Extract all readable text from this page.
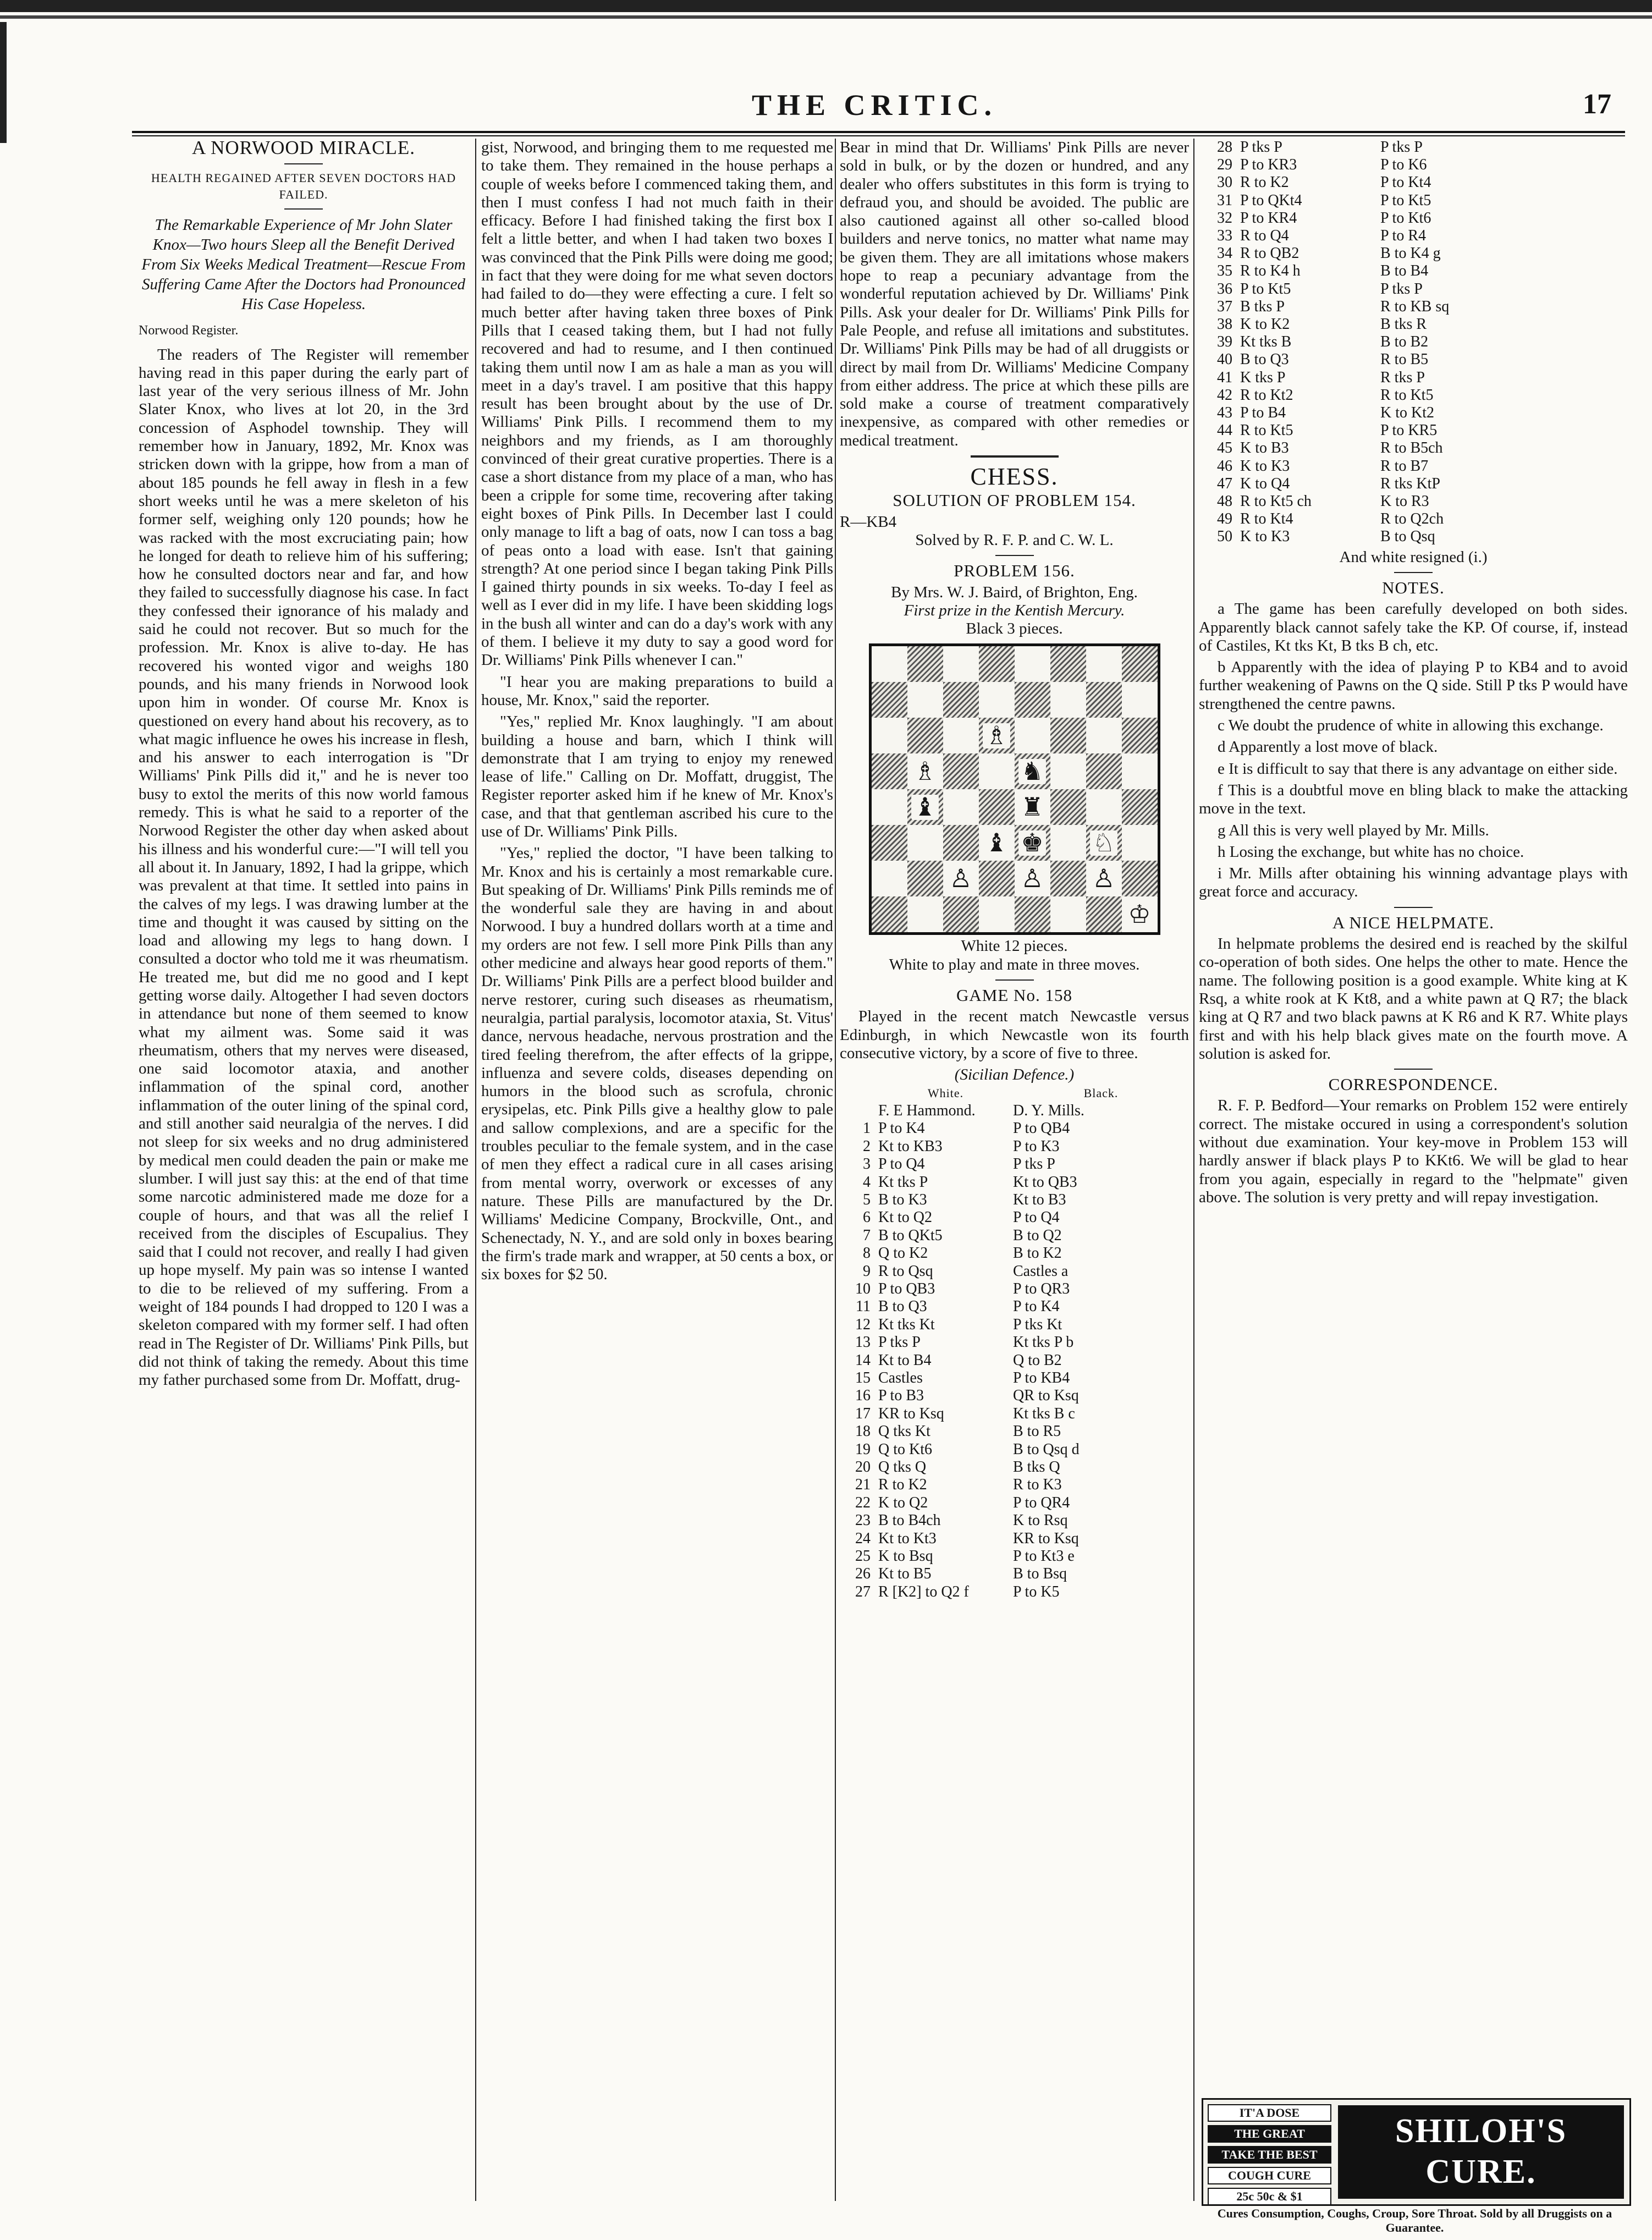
THE CRITIC.	17
A NORWOOD MIRACLE.
HEALTH REGAINED AFTER SEVEN DOCTORS HAD FAILED.
The Remarkable Experience of Mr John Slater Knox—Two hours Sleep all the Benefit Derived From Six Weeks Medical Treatment—Rescue From Suffering Came After the Doctors had Pronounced His Case Hopeless.
Norwood Register.

The readers of The Register will remember having read in this paper during the early part of last year of the very serious illness of Mr. John Slater Knox, who lives at lot 20, in the 3rd concession of Asphodel township. They will remember how in January, 1892, Mr. Knox was stricken down with la grippe, how from a man of about 185 pounds he fell away in flesh in a few short weeks until he was a mere skeleton of his former self, weighing only 120 pounds; how he was racked with the most excruciating pain; how he longed for death to relieve him of his suffering; how he consulted doctors near and far, and how they failed to successfully diagnose his case. In fact they confessed their ignorance of his malady and said he could not recover. But so much for the profession. Mr. Knox is alive to-day. He has recovered his wonted vigor and weighs 180 pounds, and his many friends in Norwood look upon him in wonder. Of course Mr. Knox is questioned on every hand about his recovery, as to what magic influence he owes his increase in flesh, and his answer to each interrogation is "Dr Williams' Pink Pills did it," and he is never too busy to extol the merits of this now world famous remedy. This is what he said to a reporter of the Norwood Register the other day when asked about his illness and his wonderful cure:—"I will tell you all about it. In January, 1892, I had la grippe, which was prevalent at that time. It settled into pains in the calves of my legs. I was drawing lumber at the time and thought it was caused by sitting on the load and allowing my legs to hang down. I consulted a doctor who told me it was rheumatism. He treated me, but did me no good and I kept getting worse daily. Altogether I had seven doctors in attendance but none of them seemed to know what my ailment was. Some said it was rheumatism, others that my nerves were diseased, one said locomotor ataxia, and another inflammation of the spinal cord, another inflammation of the outer lining of the spinal cord, and still another said neuralgia of the nerves. I did not sleep for six weeks and no drug administered by medical men could deaden the pain or make me slumber. I will just say this: at the end of that time some narcotic administered made me doze for a couple of hours, and that was all the relief I received from the disciples of Escupalius. They said that I could not recover, and really I had given up hope myself. My pain was so intense I wanted to die to be relieved of my suffering. From a weight of 184 pounds I had dropped to 120 I was a skeleton compared with my former self. I had often read in The Register of Dr. Williams' Pink Pills, but did not think of taking the remedy. About this time my father purchased some from Dr. Moffatt, drug-

gist, Norwood, and bringing them to me requested me to take them. They remained in the house perhaps a couple of weeks before I commenced taking them, and then I must confess I had not much faith in their efficacy. Before I had finished taking the first box I felt a little better, and when I had taken two boxes I was convinced that the Pink Pills were doing me good; in fact that they were doing for me what seven doctors had failed to do—they were effecting a cure. I felt so much better after having taken three boxes of Pink Pills that I ceased taking them, but I had not fully recovered and had to resume, and I then continued taking them until now I am as hale a man as you will meet in a day's travel. I am positive that this happy result has been brought about by the use of Dr. Williams' Pink Pills. I recommend them to my neighbors and my friends, as I am thoroughly convinced of their great curative properties. There is a case a short distance from my place of a man, who has been a cripple for some time, recovering after taking eight boxes of Pink Pills. In December last I could only manage to lift a bag of oats, now I can toss a bag of peas onto a load with ease. Isn't that gaining strength? At one period since I began taking Pink Pills I gained thirty pounds in six weeks. To-day I feel as well as I ever did in my life. I have been skidding logs in the bush all winter and can do a day's work with any of them. I believe it my duty to say a good word for Dr. Williams' Pink Pills whenever I can."

"I hear you are making preparations to build a house, Mr. Knox," said the reporter.

"Yes," replied Mr. Knox laughingly. "I am about building a house and barn, which I think will demonstrate that I am trying to enjoy my renewed lease of life." Calling on Dr. Moffatt, druggist, The Register reporter asked him if he knew of Mr. Knox's case, and that that gentleman ascribed his cure to the use of Dr. Williams' Pink Pills.

"Yes," replied the doctor, "I have been talking to Mr. Knox and his is certainly a most remarkable cure. But speaking of Dr. Williams' Pink Pills reminds me of the wonderful sale they are having in and about Norwood. I buy a hundred dollars worth at a time and my orders are not few. I sell more Pink Pills than any other medicine and always hear good reports of them." Dr. Williams' Pink Pills are a perfect blood builder and nerve restorer, curing such diseases as rheumatism, neuralgia, partial paralysis, locomotor ataxia, St. Vitus' dance, nervous headache, nervous prostration and the tired feeling therefrom, the after effects of la grippe, influenza and severe colds, diseases depending on humors in the blood such as scrofula, chronic erysipelas, etc. Pink Pills give a healthy glow to pale and sallow complexions, and are a specific for the troubles peculiar to the female system, and in the case of men they effect a radical cure in all cases arising from mental worry, overwork or excesses of any nature. These Pills are manufactured by the Dr. Williams' Medicine Company, Brockville, Ont., and Schenectady, N. Y., and are sold only in boxes bearing the firm's trade mark and wrapper, at 50 cents a box, or six boxes for $2 50.

Bear in mind that Dr. Williams' Pink Pills are never sold in bulk, or by the dozen or hundred, and any dealer who offers substitutes in this form is trying to defraud you, and should be avoided. The public are also cautioned against all other so-called blood builders and nerve tonics, no matter what name may be given them. They are all imitations whose makers hope to reap a pecuniary advantage from the wonderful reputation achieved by Dr. Williams' Pink Pills. Ask your dealer for Dr. Williams' Pink Pills for Pale People, and refuse all imitations and substitutes. Dr. Williams' Pink Pills may be had of all druggists or direct by mail from Dr. Williams' Medicine Company from either address. The price at which these pills are sold make a course of treatment comparatively inexpensive, as compared with other remedies or medical treatment.

CHESS.
SOLUTION OF PROBLEM 154.
R—KB4
Solved by R. F. P. and C. W. L.
PROBLEM 156.
By Mrs. W. J. Baird, of Brighton, Eng.
First prize in the Kentish Mercury.
Black 3 pieces.
♗
♗	♞
♝	♜
♝ ♚ ♘
♙ ♙ ♙
♔
White 12 pieces.
White to play and mate in three moves.
GAME No. 158

Played in the recent match Newcastle versus Edinburgh, in which Newcastle won its fourth consecutive victory, by a score of five to three.

(Sicilian Defence.)
White.	Black.
F. E Hammond.	D. Y. Mills.
1 P to K4	P to QB4
2 Kt to KB3	P to K3
3 P to Q4	P tks P
4 Kt tks P	Kt to QB3
5 B to K3	Kt to B3
6 Kt to Q2	P to Q4
7 B to QKt5	B to Q2
8 Q to K2	B to K2
9 R to Qsq	Castles a
10 P to QB3	P to QR3
11 B to Q3	P to K4
12 Kt tks Kt	P tks Kt
13 P tks P	Kt tks P b
14 Kt to B4	Q to B2
15 Castles	P to KB4
16 P to B3	QR to Ksq
17 KR to Ksq	Kt tks B c
18 Q tks Kt	B to R5
19 Q to Kt6	B to Qsq d
20 Q tks Q	B tks Q
21 R to K2	R to K3
22 K to Q2	P to QR4
23 B to B4ch	K to Rsq
24 Kt to Kt3	KR to Ksq
25 K to Bsq	P to Kt3 e
26 Kt to B5	B to Bsq
27 R [K2] to Q2 f	P to K5
28 P tks P	P tks P
29 P to KR3	P to K6
30 R to K2	P to Kt4
31 P to QKt4	P to Kt5
32 P to KR4	P to Kt6
33 R to Q4	P to R4
34 R to QB2	B to K4 g
35 R to K4 h	B to B4
36 P to Kt5	P tks P
37 B tks P	R to KB sq
38 K to K2	B tks R
39 Kt tks B	B to B2
40 B to Q3	R to B5
41 K tks P	R tks P
42 R to Kt2	R to Kt5
43 P to B4	K to Kt2
44 R to Kt5	P to KR5
45 K to B3	R to B5ch
46 K to K3	R to B7
47 K to Q4	R tks KtP
48 R to Kt5 ch	K to R3
49 R to Kt4	R to Q2ch
50 K to K3	B to Qsq
And white resigned (i.)
NOTES.

a The game has been carefully developed on both sides. Apparently black cannot safely take the KP. Of course, if, instead of Castiles, Kt tks Kt, B tks B ch, etc.

b Apparently with the idea of playing P to KB4 and to avoid further weakening of Pawns on the Q side. Still P tks P would have strengthened the centre pawns.

c We doubt the prudence of white in allowing this exchange.

d Apparently a lost move of black.

e It is difficult to say that there is any advantage on either side.

f This is a doubtful move en bling black to make the attacking move in the text.

g All this is very well played by Mr. Mills.

h Losing the exchange, but white has no choice.

i Mr. Mills after obtaining his winning advantage plays with great force and accuracy.

A NICE HELPMATE.

In helpmate problems the desired end is reached by the skilful co-operation of both sides. One helps the other to mate. Hence the name. The following position is a good example. White king at K Rsq, a white rook at K Kt8, and a white pawn at Q R7; the black king at Q R7 and two black pawns at K R6 and K R7. White plays first and with his help black gives mate on the fourth move. A solution is asked for.

CORRESPONDENCE.

R. F. P. Bedford—Your remarks on Problem 152 were entirely correct. The mistake occured in using a correspondent's solution without due examination. Your key-move in Problem 153 will hardly answer if black plays P to KKt6. We will be glad to hear from you again, especially in regard to the "helpmate" given above. The solution is very pretty and will repay investigation.

IT'A DOSE
THE GREAT
TAKE THE BEST
COUGH CURE
25c 50c & $1
SHILOH'S
CURE.
Cures Consumption, Coughs, Croup, Sore Throat. Sold by all Druggists on a Guarantee.
